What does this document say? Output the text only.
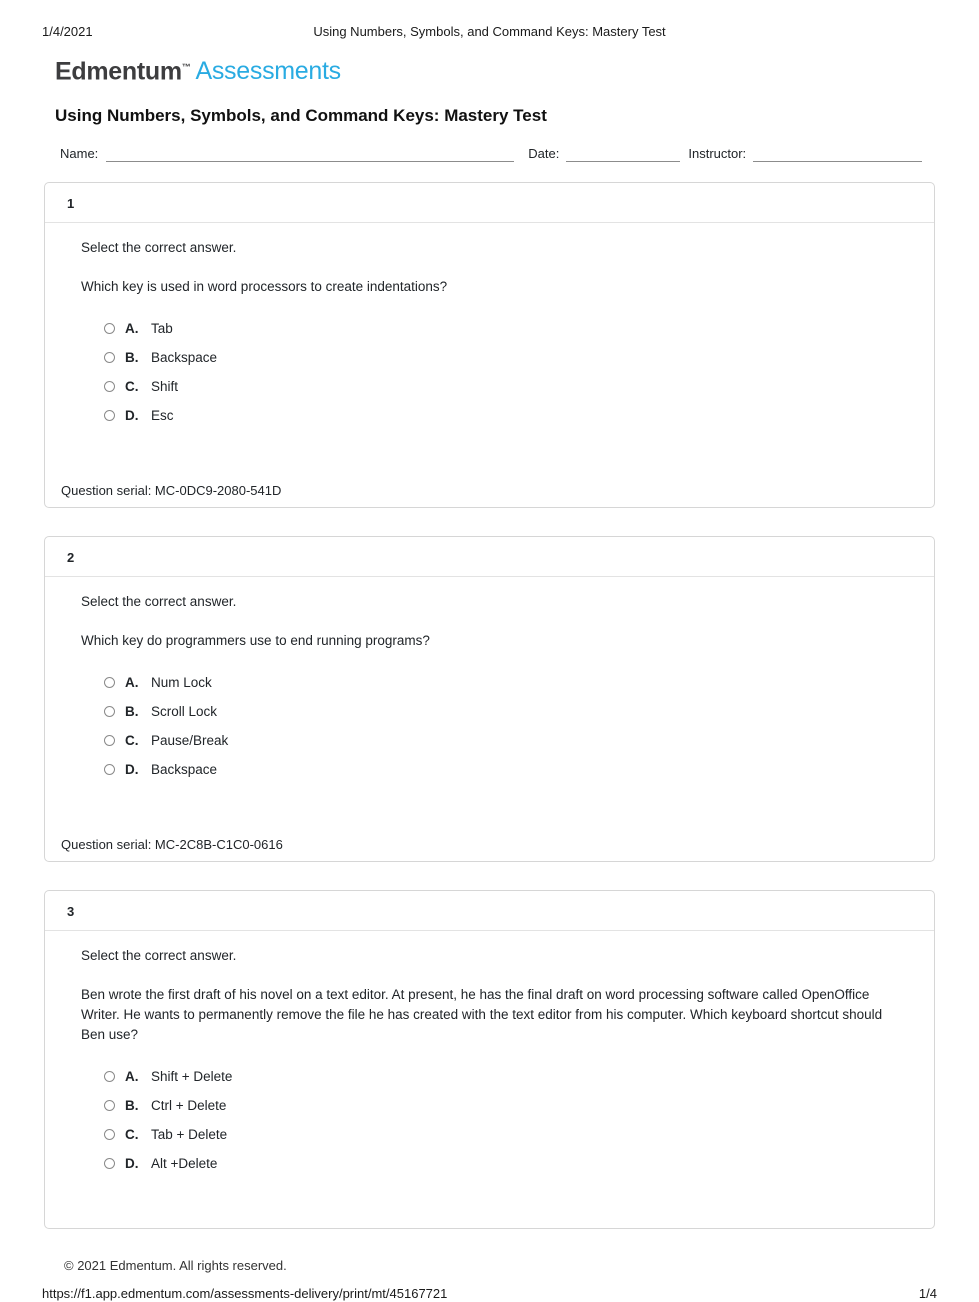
1/4/2021	Using Numbers, Symbols, and Command Keys: Mastery Test
Edmentum™ Assessments
Using Numbers, Symbols, and Command Keys: Mastery Test
Name:	Date:	Instructor:
1

Select the correct answer.

Which key is used in word processors to create indentations?

A. Tab
B. Backspace
C. Shift
D. Esc
Question serial: MC-0DC9-2080-541D
2

Select the correct answer.

Which key do programmers use to end running programs?

A. Num Lock
B. Scroll Lock
C. Pause/Break
D. Backspace
Question serial: MC-2C8B-C1C0-0616
3

Select the correct answer.

Ben wrote the first draft of his novel on a text editor. At present, he has the final draft on word processing software called OpenOffice Writer. He wants to permanently remove the file he has created with the text editor from his computer. Which keyboard shortcut should Ben use?

A. Shift + Delete
B. Ctrl + Delete
C. Tab + Delete
D. Alt +Delete
© 2021 Edmentum. All rights reserved.
https://f1.app.edmentum.com/assessments-delivery/print/mt/45167721	1/4
